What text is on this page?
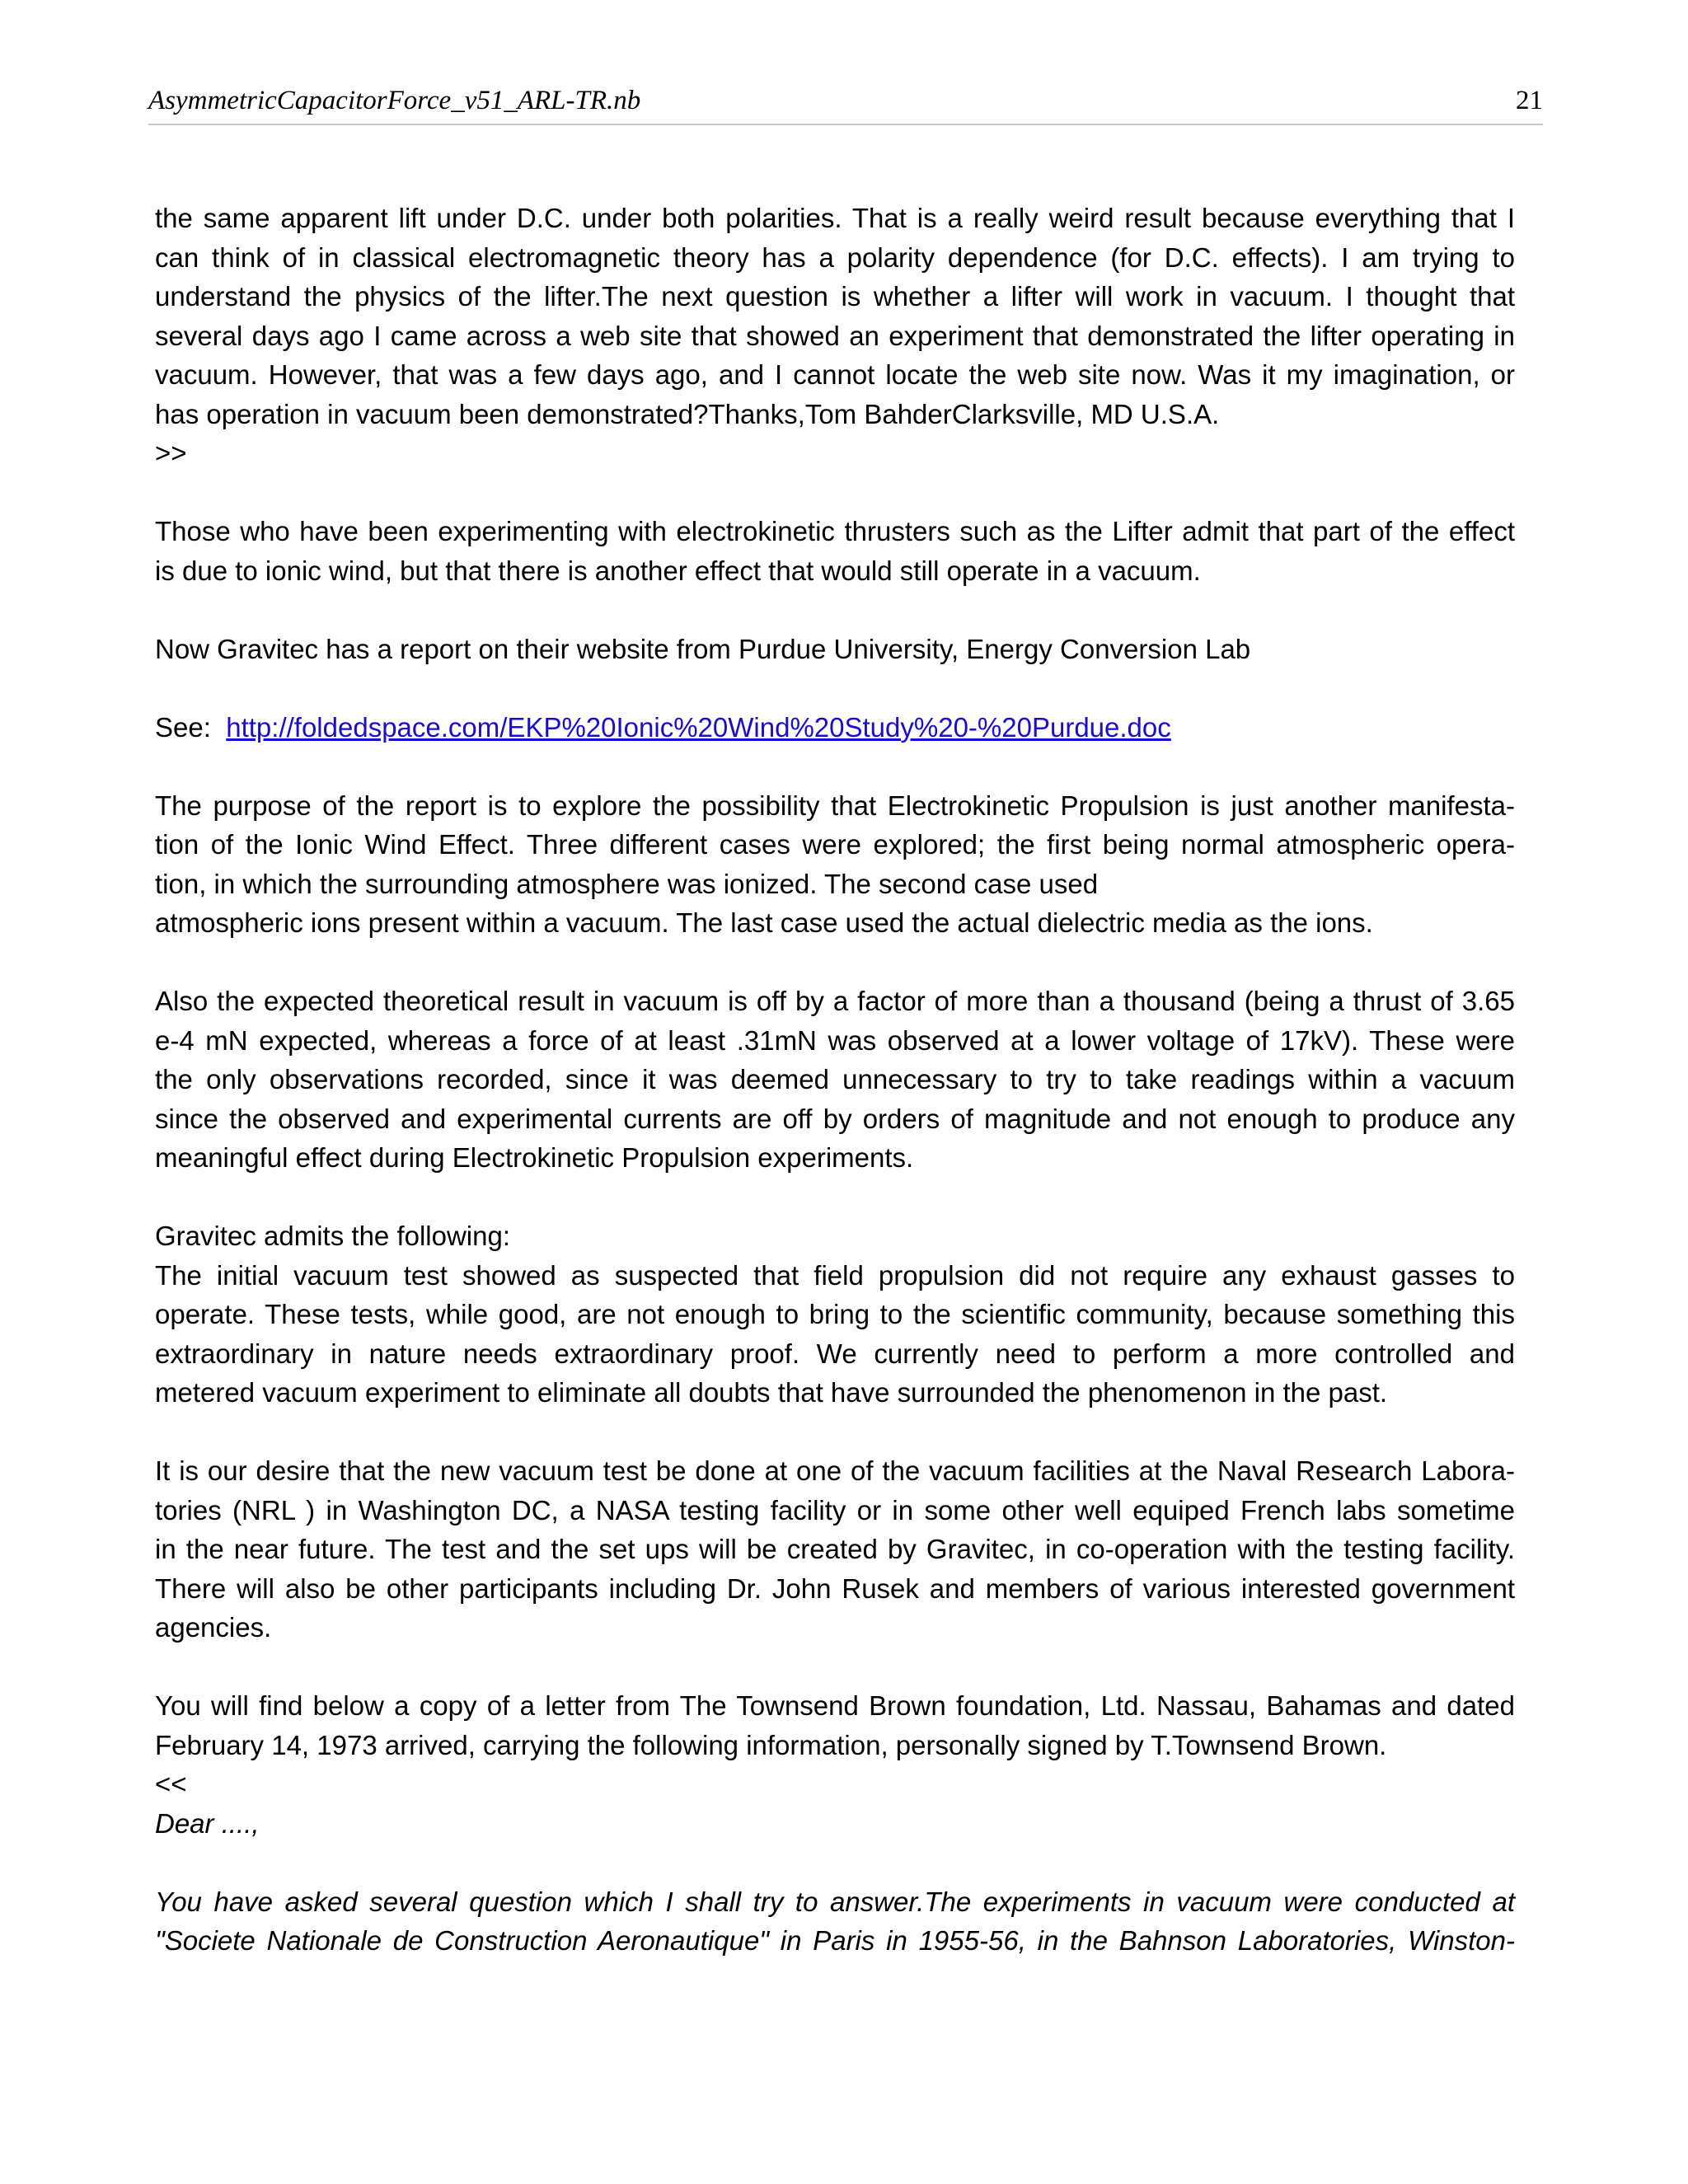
AsymmetricCapacitorForce_v51_ARL-TR.nb	21
the same apparent lift under D.C. under both polarities. That is a really weird result because everything that I
can think of in classical electromagnetic theory has a polarity dependence (for D.C. effects). I am trying to
understand the physics of the lifter.The next question is whether a lifter will work in vacuum. I thought that
several days ago I came across a web site that showed an experiment that demonstrated the lifter operating in
vacuum. However, that was a few days ago, and I cannot locate the web site now. Was it my imagination, or
has operation in vacuum been demonstrated?Thanks,Tom BahderClarksville, MD U.S.A.
>>
Those who have been experimenting with electrokinetic thrusters such as the Lifter admit that part of the effect
is due to ionic wind, but that there is another effect that would still operate in a vacuum.
Now Gravitec has a report on their website from Purdue University, Energy Conversion Lab
See: http://foldedspace.com/EKP%20Ionic%20Wind%20Study%20-%20Purdue.doc
The purpose of the report is to explore the possibility that Electrokinetic Propulsion is just another manifesta-
tion of the Ionic Wind Effect. Three different cases were explored; the first being normal atmospheric opera-
tion, in which the surrounding atmosphere was ionized. The second case used
atmospheric ions present within a vacuum. The last case used the actual dielectric media as the ions.
Also the expected theoretical result in vacuum is off by a factor of more than a thousand (being a thrust of 3.65
e-4 mN expected, whereas a force of at least .31mN was observed at a lower voltage of 17kV). These were
the only observations recorded, since it was deemed unnecessary to try to take readings within a vacuum
since the observed and experimental currents are off by orders of magnitude and not enough to produce any
meaningful effect during Electrokinetic Propulsion experiments.
Gravitec admits the following:
The initial vacuum test showed as suspected that field propulsion did not require any exhaust gasses to
operate. These tests, while good, are not enough to bring to the scientific community, because something this
extraordinary in nature needs extraordinary proof. We currently need to perform a more controlled and
metered vacuum experiment to eliminate all doubts that have surrounded the phenomenon in the past.
It is our desire that the new vacuum test be done at one of the vacuum facilities at the Naval Research Labora-
tories (NRL ) in Washington DC, a NASA testing facility or in some other well equiped French labs sometime
in the near future. The test and the set ups will be created by Gravitec, in co-operation with the testing facility.
There will also be other participants including Dr. John Rusek and members of various interested government
agencies.
You will find below a copy of a letter from The Townsend Brown foundation, Ltd. Nassau, Bahamas and dated
February 14, 1973 arrived, carrying the following information, personally signed by T.Townsend Brown.
<<
Dear ....,
You have asked several question which I shall try to answer.The experiments in vacuum were conducted at
"Societe Nationale de Construction Aeronautique" in Paris in 1955-56, in the Bahnson Laboratories, Winston-
